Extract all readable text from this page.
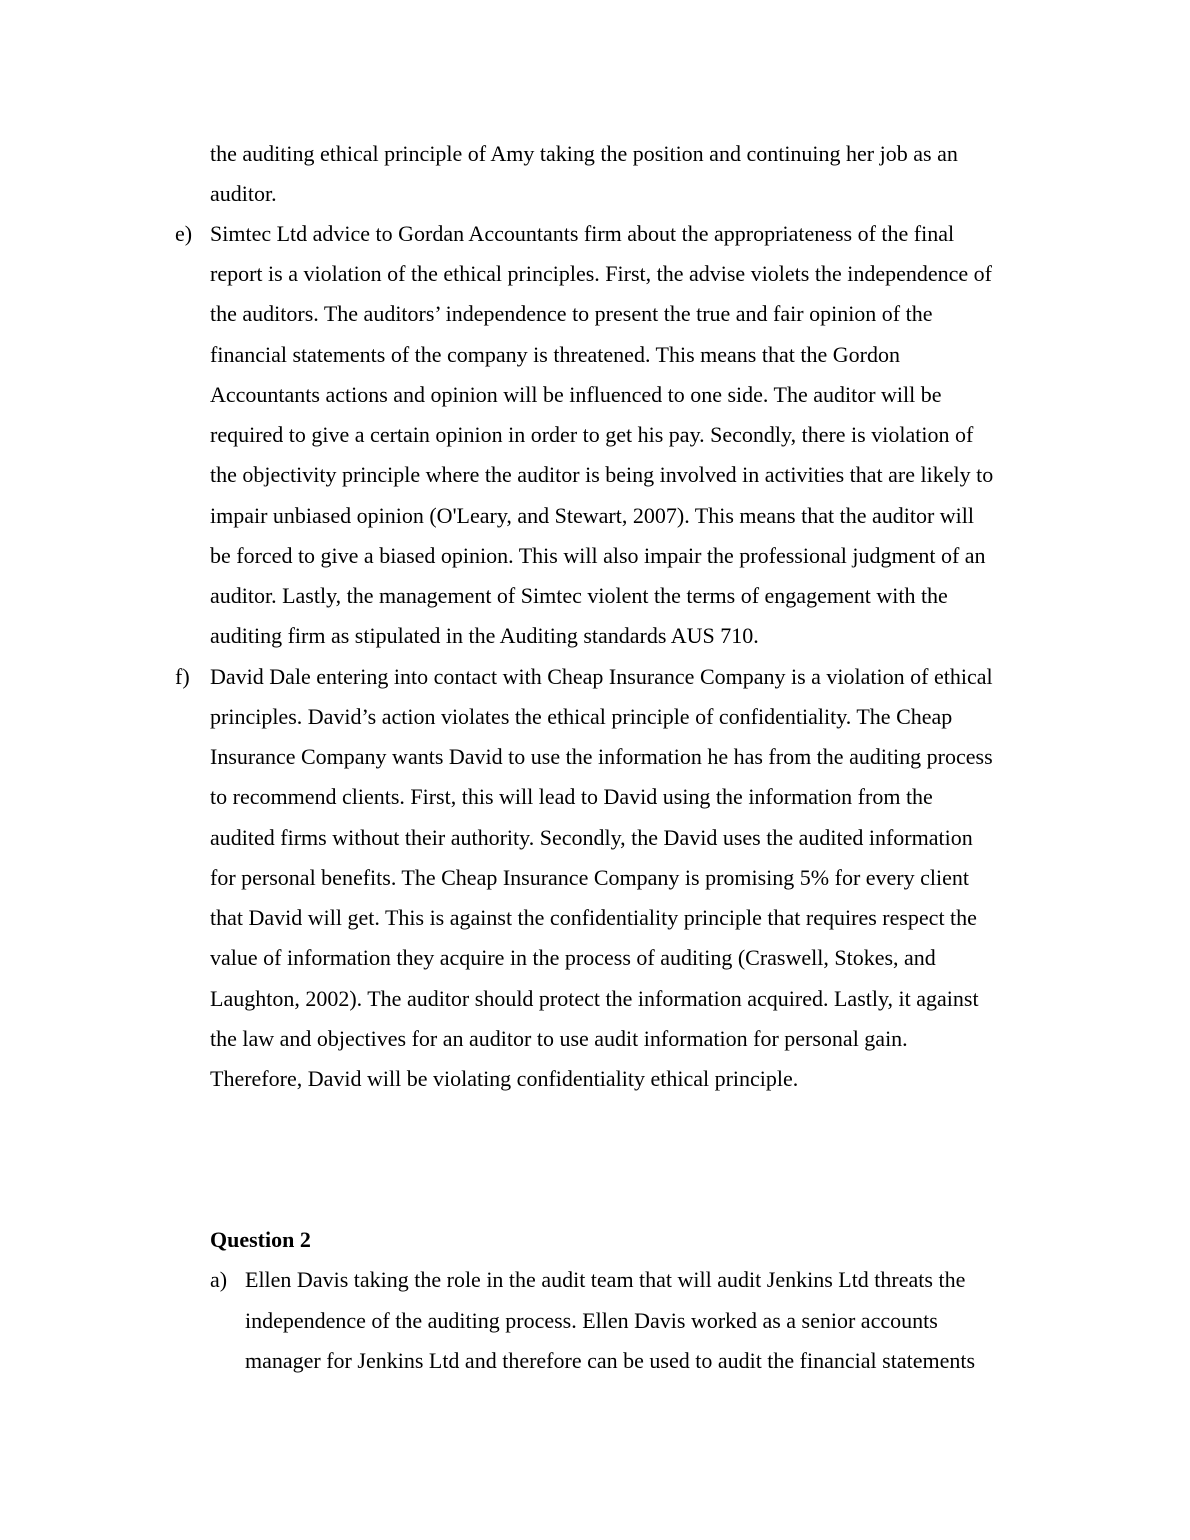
the auditing ethical principle of Amy taking the position and continuing her job as an
auditor.
e) Simtec Ltd advice to Gordan Accountants firm about the appropriateness of the final
report is a violation of the ethical principles. First, the advise violets the independence of
the auditors. The auditors’ independence to present the true and fair opinion of the
financial statements of the company is threatened. This means that the Gordon
Accountants actions and opinion will be influenced to one side. The auditor will be
required to give a certain opinion in order to get his pay. Secondly, there is violation of
the objectivity principle where the auditor is being involved in activities that are likely to
impair unbiased opinion (O'Leary, and Stewart, 2007). This means that the auditor will
be forced to give a biased opinion. This will also impair the professional judgment of an
auditor. Lastly, the management of Simtec violent the terms of engagement with the
auditing firm as stipulated in the Auditing standards AUS 710.
f) David Dale entering into contact with Cheap Insurance Company is a violation of ethical
principles. David’s action violates the ethical principle of confidentiality. The Cheap
Insurance Company wants David to use the information he has from the auditing process
to recommend clients. First, this will lead to David using the information from the
audited firms without their authority. Secondly, the David uses the audited information
for personal benefits. The Cheap Insurance Company is promising 5% for every client
that David will get. This is against the confidentiality principle that requires respect the
value of information they acquire in the process of auditing (Craswell, Stokes, and
Laughton, 2002). The auditor should protect the information acquired. Lastly, it against
the law and objectives for an auditor to use audit information for personal gain.
Therefore, David will be violating confidentiality ethical principle.
Question 2
a) Ellen Davis taking the role in the audit team that will audit Jenkins Ltd threats the
independence of the auditing process. Ellen Davis worked as a senior accounts
manager for Jenkins Ltd and therefore can be used to audit the financial statements
